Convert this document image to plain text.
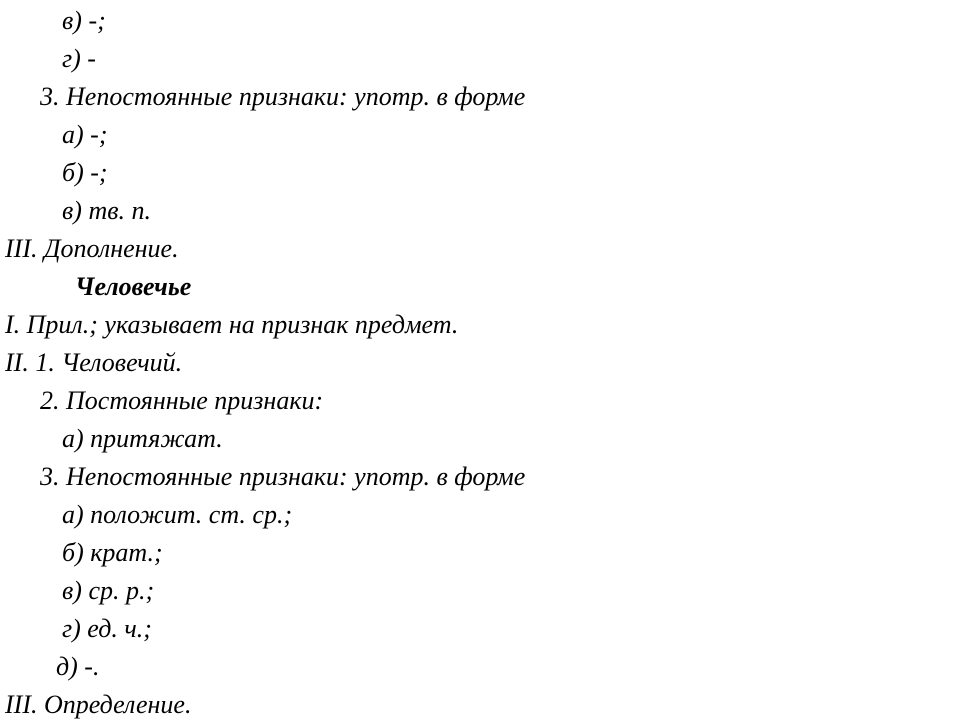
в) -;
г) -
3. Непостоянные признаки: употр. в форме
а) -;
б) -;
в) тв. п.
III. Дополнение.
Человечье
I. Прил.; указывает на признак предмет.
II. 1. Человечий.
2. Постоянные признаки:
а) притяжат.
3. Непостоянные признаки: употр. в форме
а) положит. ст. ср.;
б) крат.;
в) ср. р.;
г) ед. ч.;
д) -.
III. Определение.
